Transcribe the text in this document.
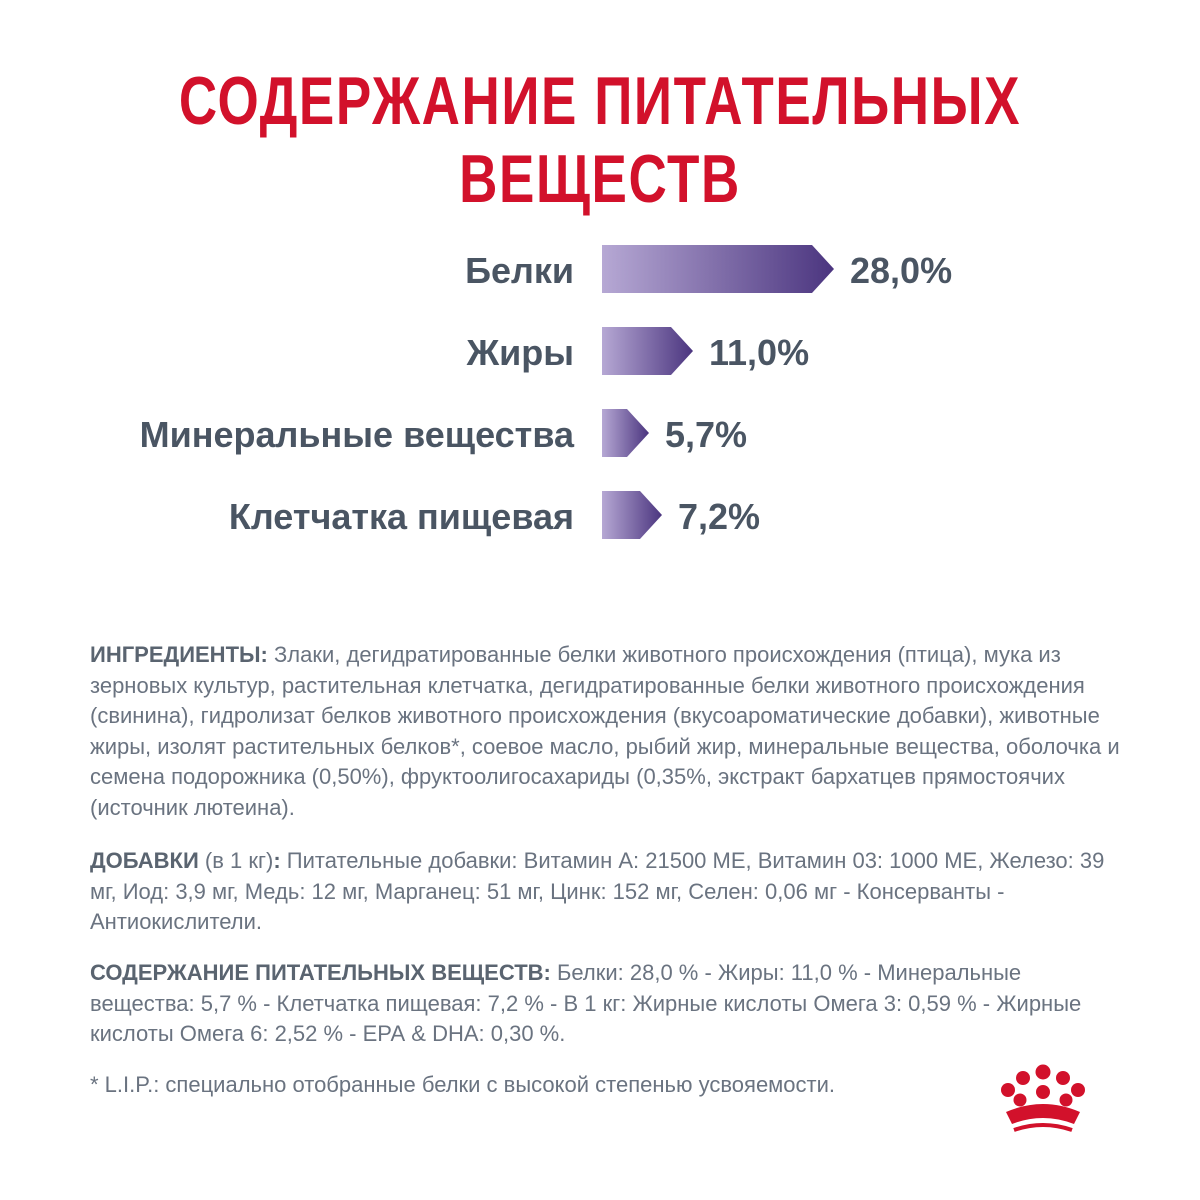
СОДЕРЖАНИЕ ПИТАТЕЛЬНЫХ ВЕЩЕСТВ
Белки	28,0%
Жиры	11,0%
Минеральные вещества	5,7%
Клетчатка пищевая	7,2%

ИНГРЕДИЕНТЫ: Злаки, дегидратированные белки животного происхождения (птица), мука из зерновых культур, растительная клетчатка, дегидратированные белки животного происхождения (свинина), гидролизат белков животного происхождения (вкусоароматические добавки), животные жиры, изолят растительных белков*, соевое масло, рыбий жир, минеральные вещества, оболочка и семена подорожника (0,50%), фруктоолигосахариды (0,35%, экстракт бархатцев прямостоячих (источник лютеина).

ДОБАВКИ (в 1 кг): Питательные добавки: Витамин А: 21500 МЕ, Витамин 03: 1000 МЕ, Железо: 39 мг, Иод: 3,9 мг, Медь: 12 мг, Марганец: 51 мг, Цинк: 152 мг, Селен: 0,06 мг - Консерванты - Антиокислители.

СОДЕРЖАНИЕ ПИТАТЕЛЬНЫХ ВЕЩЕСТВ: Белки: 28,0 % - Жиры: 11,0 % - Минеральные вещества: 5,7 % - Клетчатка пищевая: 7,2 % - В 1 кг: Жирные кислоты Омега 3: 0,59 % - Жирные кислоты Омега 6: 2,52 % - ЕРА & DHA: 0,30 %.

* L.I.P.: специально отобранные белки с высокой степенью усвояемости.
